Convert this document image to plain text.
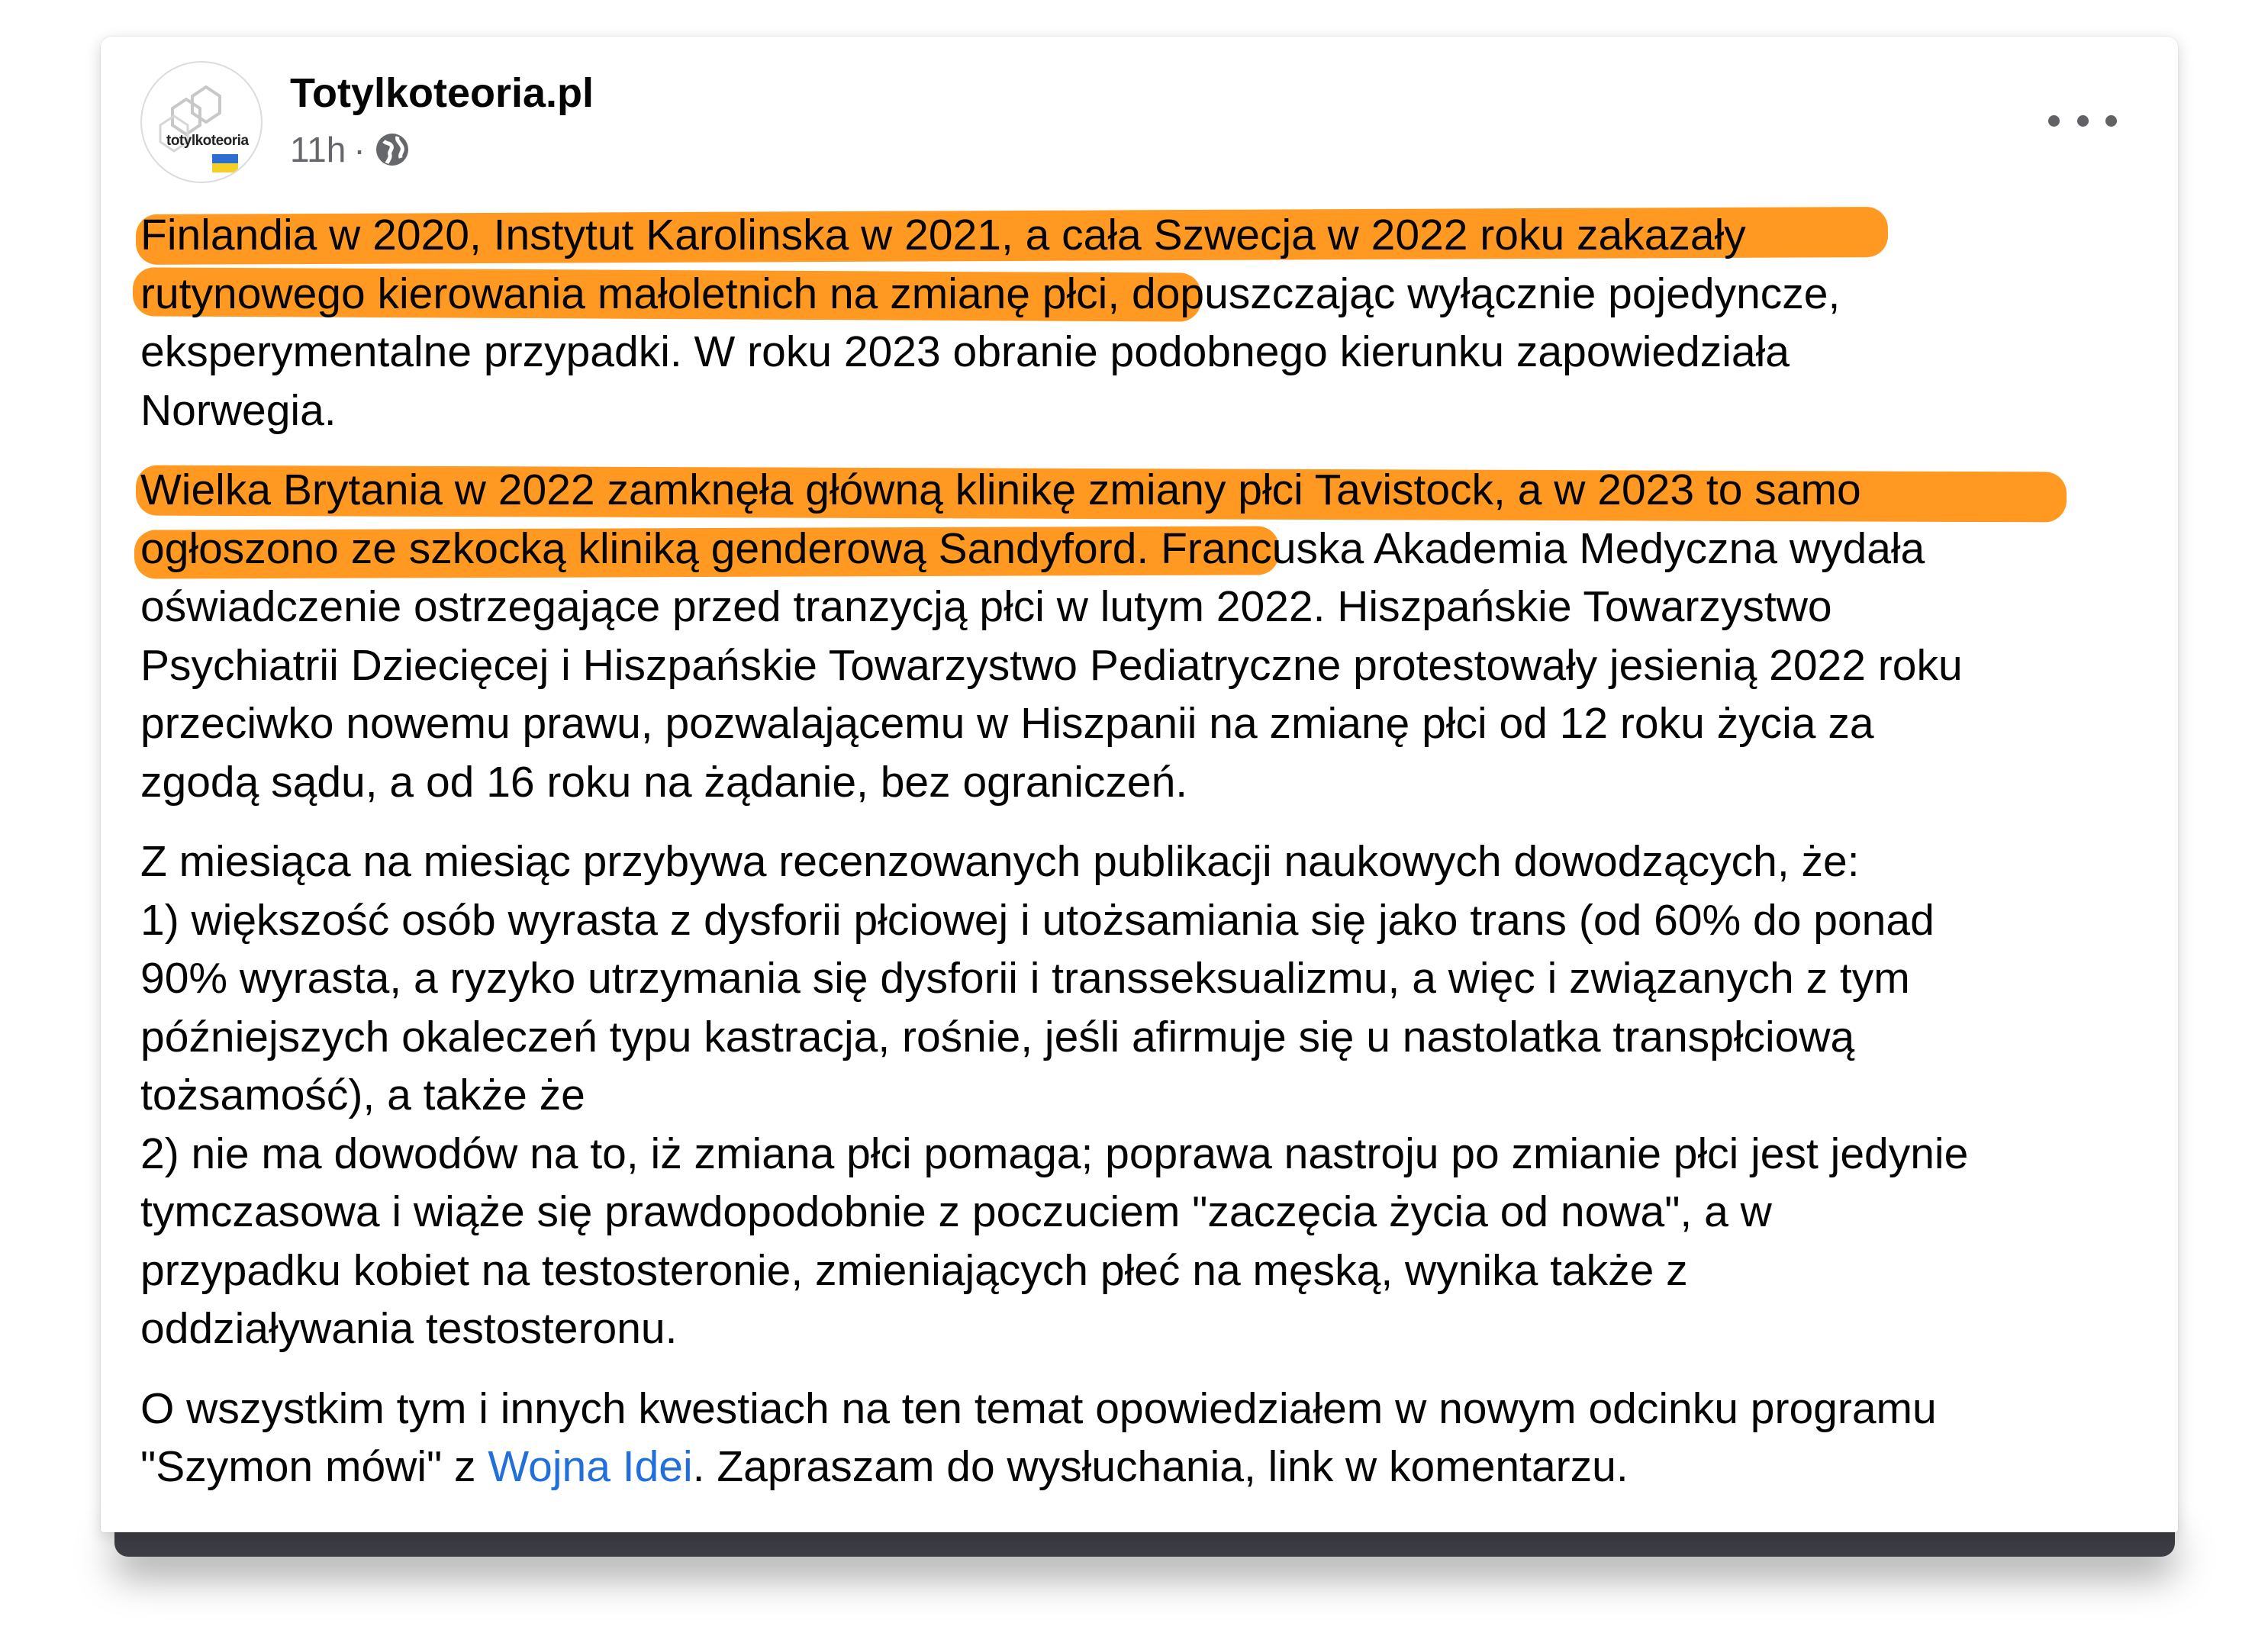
totylkoteoria
Totylkoteoria.pl
11h ·

Finlandia w 2020, Instytut Karolinska w 2021, a cała Szwecja w 2022 roku zakazały
rutynowego kierowania małoletnich na zmianę płci, dopuszczając wyłącznie pojedyncze,
eksperymentalne przypadki. W roku 2023 obranie podobnego kierunku zapowiedziała
Norwegia.

Wielka Brytania w 2022 zamknęła główną klinikę zmiany płci Tavistock, a w 2023 to samo
ogłoszono ze szkocką kliniką genderową Sandyford. Francuska Akademia Medyczna wydała
oświadczenie ostrzegające przed tranzycją płci w lutym 2022. Hiszpańskie Towarzystwo
Psychiatrii Dziecięcej i Hiszpańskie Towarzystwo Pediatryczne protestowały jesienią 2022 roku
przeciwko nowemu prawu, pozwalającemu w Hiszpanii na zmianę płci od 12 roku życia za
zgodą sądu, a od 16 roku na żądanie, bez ograniczeń.

Z miesiąca na miesiąc przybywa recenzowanych publikacji naukowych dowodzących, że:
1) większość osób wyrasta z dysforii płciowej i utożsamiania się jako trans (od 60% do ponad
90% wyrasta, a ryzyko utrzymania się dysforii i transseksualizmu, a więc i związanych z tym
późniejszych okaleczeń typu kastracja, rośnie, jeśli afirmuje się u nastolatka transpłciową
tożsamość), a także że
2) nie ma dowodów na to, iż zmiana płci pomaga; poprawa nastroju po zmianie płci jest jedynie
tymczasowa i wiąże się prawdopodobnie z poczuciem "zaczęcia życia od nowa", a w
przypadku kobiet na testosteronie, zmieniających płeć na męską, wynika także z
oddziaływania testosteronu.

O wszystkim tym i innych kwestiach na ten temat opowiedziałem w nowym odcinku programu
"Szymon mówi" z Wojna Idei. Zapraszam do wysłuchania, link w komentarzu.
